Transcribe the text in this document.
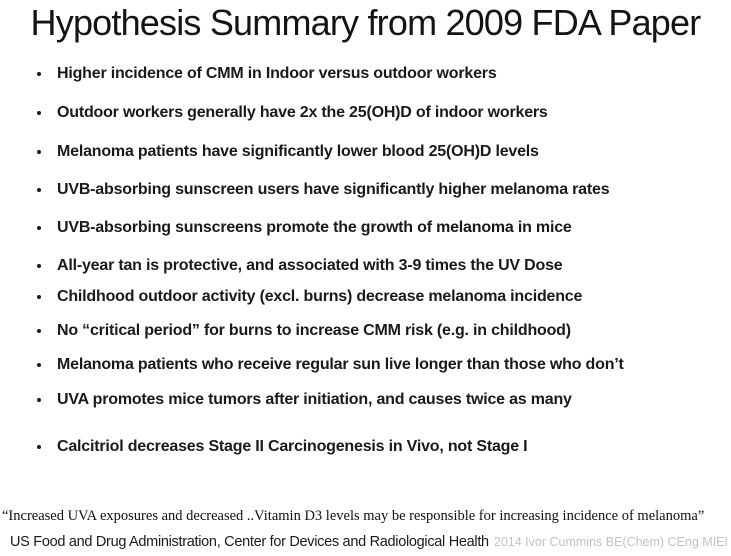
Hypothesis Summary from 2009 FDA Paper
Higher incidence of CMM in Indoor versus outdoor workers
Outdoor workers generally have 2x the 25(OH)D of indoor workers
Melanoma patients have significantly lower blood 25(OH)D levels
UVB-absorbing sunscreen users have significantly higher melanoma rates
UVB-absorbing sunscreens promote the growth of melanoma in mice
All-year tan is protective, and associated with 3-9 times the UV Dose
Childhood outdoor activity (excl. burns) decrease melanoma incidence
No “critical period” for burns to increase CMM risk (e.g. in childhood)
Melanoma patients who receive regular sun live longer than those who don’t
UVA promotes mice tumors after initiation, and causes twice as many
Calcitriol decreases Stage II Carcinogenesis in Vivo, not Stage I
“Increased UVA exposures and decreased ..Vitamin D3 levels may be responsible for increasing incidence of melanoma”
US Food and Drug Administration, Center for Devices and Radiological Health 2014 Ivor Cummins BE(Chem) CEng MIEI
